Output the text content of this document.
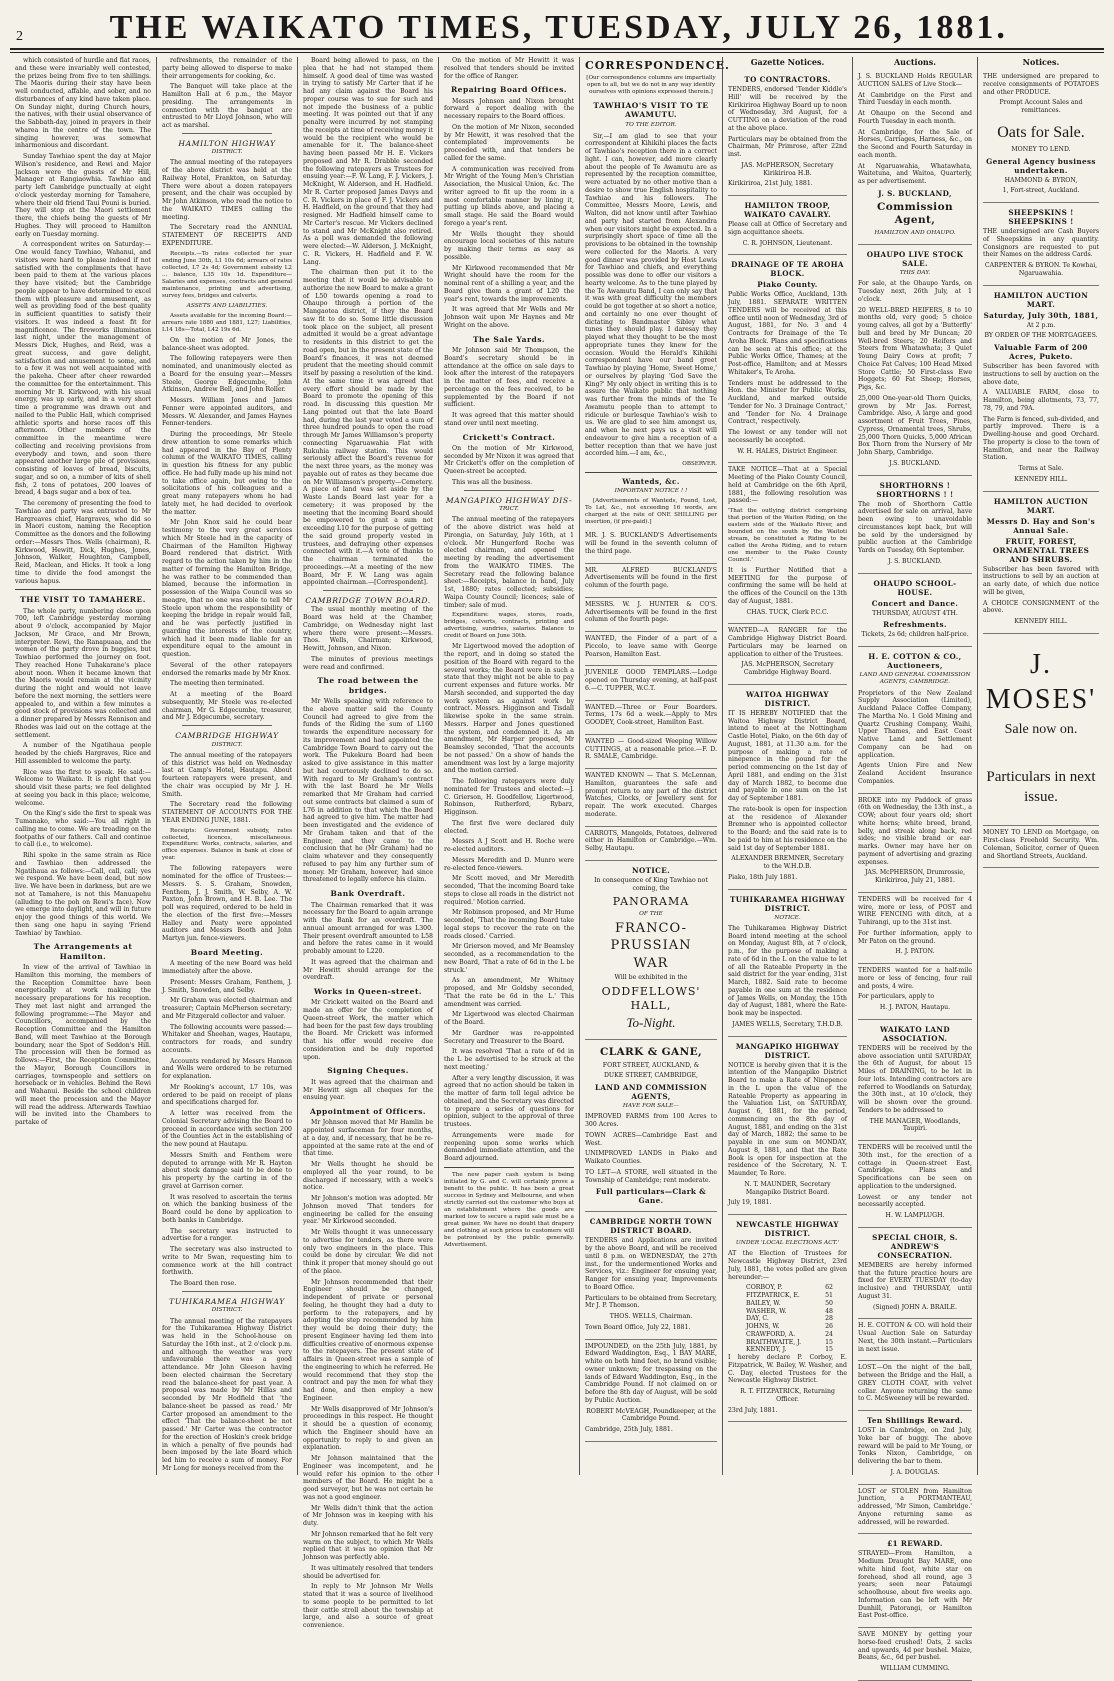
2	THE WAIKATO TIMES, TUESDAY, JULY 26, 1881.

which consisted of hurdle and flat races, and these were invariably well contested, the prizes being from five to ten shillings. The Maoris during their stay have been well conducted, affable, and sober, and no disturbances of any kind have taken place. On Sunday night, during Church hours, the natives, with their usual observance of the Sabbath-day, joined in prayers in their wharea in the centre of the town. The singing however, was somewhat inharmonious and discordant.

Sunday Tawhiao spent the day at Major Wilson's residence, and Rewi and Major Jackson were the guests of Mr Hill, Manager at Rangiaowhia. Tawhiao and party left Cambridge punctually at eight o'clock yesterday morning for Tamahere, where their old friend Taui Pouni is buried. They will stop at the Maori settlement there, the chiefs being the guests of Mr Hughes. They will proceed to Hamilton early on Tuesday morning.

A correspondent writes on Saturday:—One would fancy Tawhiao, Wahanui, and visitors were hard to please indeed if not satisfied with the compliments that have been paid to them at the various places they have visited; but the Cambridge people appear to have determined to excel them with pleasure and amusement, as well as providing food of the best quality in sufficient quantities to satisfy their visitors. It was indeed a feast fit for magnificence. The fireworks illumination last night, under the management of Messrs Dick, Hughes, and Reid, was a great success, and gave delight, satisfaction and amusement to some, and to a few it was not well acquainted with the pakeha. Cheer after cheer rewarded the committee for the entertainment. This morning Mr R. Kirkwood, with his usual energy, was up early, and in a very short time a programme was drawn out and nailed to the Public Hall, which comprised athletic sports and horse races off this afternoon. Other members of the committee in the meantime were collecting and receiving provisions from everybody and town, and soon there appeared another large pile of provisions, consisting of loaves of bread, biscuits, sugar, and so on, a number of kits of shell fish, 2 tons of potatoes, 200 loaves of bread, 4 bags sugar and a box of tea.

The ceremony of presenting the food to Tawhiao and party was entrusted to Mr Hargreaves chief, Hargraves, who did so in Maori custom, naming the Reception Committee as the donors and the following order:—Messrs Thos. Wells (chairman), R. Kirkwood, Hewitt, Dick, Hughes, Jones, Johnson, Walker, Houghton, Campbell, Reid, Maclean, and Hicks. It took a long time to divide the food amongst the various hapus.

THE VISIT TO TAMAHERE.

The whole party, numbering close upon 700, left Cambridge yesterday morning about 9 o'clock, accompanied by Major Jackson, Mr Grace, and Mr Brown, interpreter. Rewi, the Ranapuaaa, and the women of the party drove in buggies, but Tawhiao performed the journey on foot. They reached Hone Tuhakarane's place about noon. When it became known that the Maoris would remain at the vicinity during the night and would not leave before the next morning, the settlers were appealed to, and within a few minutes a good stock of provisions was collected and a dinner prepared by Messrs Rennison and Rhodes was laid out on the cottage at the settlement.

A number of the Ngatihaua people headed by the chiefs Hargraves, Rice and Hill assembled to welcome the party.

Rice was the first to speak. He said:— Welcome to Waikato. It is right that you should visit these parts; we feel delighted at seeing you back in this place; welcome, welcome.

On the King's side the first to speak was Tumanako, who said:—You all right in calling me to come. We are treading on the footpaths of our fathers. Call and continue to call (i.e., to welcome).

Rihi spoke in the same strain as Rice and Tawhiao then addressed the Ngatihaua as follows:—Call, call, call; yes we respond. We have been dead, but now live. We have been in darkness, but are we not at Tamahere, is not this Manuapehu (alluding to the poh on Rewi's face). Now we emerge into daylight, and will in future enjoy the good things of this world. We then sang one hapu in saying 'Friend Tawhiao' by Tawhiao.

The Arrangements at Hamilton.

In view of the arrival of Tawhiao in Hamilton this morning, the members of the Reception Committee have been energetically at work making the necessary preparations for his reception. They met last night and arranged the following programme:—The Mayor and Councillors, accompanied by the Reception Committee and the Hamilton Band, will meet Tawhiao at the Borough boundary, near the Spot of Seddon's Hill. The procession will then be formed as follows:—First, the Reception Committee, the Mayor, Borough Councillors in carriages, townspeople and settlers on horseback or in vehicles. Behind the Rewi and Wahanui. Beside the school children will meet the procession and the Mayor will read the address. Afterwards Tawhiao will be invited into the Chambers to partake of

refreshments, the remainder of the party being allowed to disperse to make their arrangements for cooking, &c.

The Banquet will take place at the Hamilton Hall at 6 p.m., the Mayor presiding. The arrangements in connection with the banquet are entrusted to Mr Lloyd Johnson, who will act as marshal.

HAMILTON HIGHWAY
DISTRICT.

The annual meeting of the ratepayers of the above district was held at the Railway Hotel, Frankton, on Saturday. There were about a dozen ratepayers present, and the chair was occupied by Mr John Atkinson, who read the notice to the WAIKATO TIMES calling the meeting.

The Secretary read the ANNUAL STATEMENT OF RECEIPTS AND EXPENDITURE.

Receipts.—To rates collected for year ending June 30th, L1 10s 6d; arrears of rates collected, L7 2s 4d; Government subsidy L2 ... balance, L35 10s 1d. Expenditure—Salaries and expenses, contracts and general maintenance, printing and advertising, survey fees, bridges and culverts.

ASSETS AND LIABILITIES.

Assets available for the incoming Board:—arrears rate 1880 and 1881, L27; Liabilities, L14 18s—Total, L42 19s 6d.

On the motion of Mr Jones, the balance-sheet was adopted.

The following ratepayers were then nominated, and unanimously elected as a Board for the ensuing year:—Messrs Steele, George Edgecumbe, John Atkinson, Andrew Bell, and John Roller.

Messrs. William Jones and James Fenner were appointed auditors, and Messrs. W. Alexander, and James Haynes Fenner-tenders.

During the proceedings, Mr Steele drew attention to some remarks which had appeared in the Bay of Plenty column of the WAIKATO TIMES, calling in question his fitness for any public office. He had fully made up his mind not to take office again, but owing to the solicitations of his colleagues and a great many ratepayers whom he had lately met, he had decided to overlook the matter.

Mr John Knox said he could bear testimony to the very great services which Mr Steele had in the capacity of Chairman of the Hamilton Highway Board rendered that district. With regard to the action taken by him in the matter of forming the Hamilton Bridge, he was rather to be commended than blamed, because the information in possession of the Waipa Council was so meagre, that no one was able to tell Mr Steele upon whom the responsibility of keeping the bridge in repair would fall, and he was perfectly justified in guarding the interests of the country, which had it been made liable for an expenditure equal to the amount in question.

Several of the other ratepayers endorsed the remarks made by Mr Knox.

The meeting then terminated.

At a meeting of the Board subsequently, Mr Steele was re-elected chairman, Mr G. Edgecumbe, treasurer, and Mr J. Edgecumbe, secretary.

CAMBRIDGE HIGHWAY
DISTRICT.

The annual meeting of the ratepayers of this district was held on Wednesday last at Camp's Hotel, Hautapu. About fourteen ratepayers were present, and the chair was occupied by Mr J. H. Smith.

The Secretary read the following STATEMENT OF ACCOUNTS FOR THE YEAR ENDING JUNE, 1881.

Receipts: Government subsidy, rates collected, licences, miscellaneous. Expenditure: Works, contracts, salaries, and office expenses. Balance in bank at close of year.

The following ratepayers were nominated for the office of Trustees:—Messrs. S. S. Graham, Snowden, Fenthem, J. J. Smith, W. Selby, A. W. Paxton, John Brown, and H. B. Lee. The poll was required, ordered to be held in the election of the first five:—Messrs Halley and Peaty were appointed auditors and Messrs Booth and John Martyn jun. fence-viewers.

Board Meeting.

A meeting of the new Board was held immediately after the above.

Present: Messrs Graham, Fenthem, J. J. Smith, Snowden, and Selby.

Mr Graham was elected chairman and treasurer; Captain McPherson secretary; and Mr Fitzgerald collector and valuer.

The following accounts were passed:—Whitaker and Sheehan, wages, Hautapu, contractors for roads, and sundry accounts.

Accounts rendered by Messrs Hannon and Wells were ordered to be returned for explanation.

Mr Rooking's account, L7 10s, was ordered to be paid on receipt of plans and specifications charged for.

A letter was received from the Colonial Secretary advising the Board to proceed in accordance with section 200 of the Counties Act in the establishing of the new pound at Hautapu.

Messrs Smith and Fenthem were deputed to arrange with Mr R. Hayton about stock damage said to be done to his property by the carting in of the gravel at Garrison corner.

It was resolved to ascertain the terms on which the banking business of the Board could be done by application to both banks in Cambridge.

The secretary was instructed to advertise for a ranger.

The secretary was also instructed to write to Mr Swan, requesting him to commence work at the hill contract forthwith.

The Board then rose.

TUHIKARAMEA HIGHWAY
DISTRICT.

The annual meeting of the ratepayers for the Tuhikaramea Highway District was held in the School-house on Saturday the 16th inst., at 2 o'clock p.m. and although the weather was very unfavourable there was a good attendance. Mr John Gleeson having been elected chairman the Secretary read the balance-sheet for past year. A proposal was made by Mr Hillas and seconded by Mr Hodfield that 'the balance-sheet be passed as read.' Mr Carter proposed an amendment to the effect 'That the balance-sheet be not passed.' Mr Carter was the contractor for the erection of Hoskin's creek bridge in which a penalty of five pounds had been imposed by the late Board which led him to receive a sum of money. For Mr Long for moneys received from the

Board being allowed to pass, on the plea that he had not stamped them himself. A good deal of time was wasted in trying to satisfy Mr Carter that if he had any claim against the Board his proper course was to sue for such and not impede the business of a public meeting. It was pointed out that if any penalty were incurred by not stamping the receipts at time of receiving money it would be the recipient who would be amenable for it. The balance-sheet having been passed Mr H. E. Vickers proposed and Mr R. Drabble seconded the following ratepayers as Trustees for ensuing year:—F. W. Lang, F. J. Vickers, J. McKnight, W. Alderson, and H. Hadfield. Mr R. Carter proposed James Davys and C. R. Vickers in place of F. J. Vickers and H. Hadfield, on the ground that they had resigned. Mr Hadfield himself came to Mr Carter's rescue. Mr Vickers declined to stand and Mr McKnight also retired. As a poll was demanded the following were elected:—W. Alderson, J. McKnight, C. R. Vickers, H. Hadfield and F. W. Lang.

The chairman then put it to the meeting that it would be advisable to authorize the new Board to make a grant of L50 towards opening a road to Ohaupo through a portion of the Mangaotea district, if they the Board saw fit to do so. Some little discussion took place on the subject, all present admitted it would be a great advantage to residents in this district to get the road open, but in the present state of the Board's finances, it was not deemed prudent that the meeting should commit itself by passing a resolution of the kind. At the same time it was agreed that every effort should be made by the Board to promote the opening of this road. In discussing this question Mr Lang pointed out that the late Board had, during the last year voted a sum of three hundred pounds to open the road through Mr James Williamson's property connecting Ngaruawahia Flat with Rukuhia railway station. This would seriously affect the Board's revenue for the next three years, as the money was payable out of rates as they became due on Mr Williamson's property—Cemetery. A piece of land was set aside by the Waste Lands Board last year for a cemetery; it was proposed by the meeting that the incoming Board should be empowered to grant a sum not exceeding L10 for the purpose of getting the said ground properly vested in trustees, and defraying other expenses connected with it.—A vote of thanks to the chairman terminated the proceedings.—At a meeting of the new Board, Mr F. W. Lang was again appointed chairman.—[Correspondent].

CAMBRIDGE TOWN BOARD.

The usual monthly meeting of the Board was held at the Chamber, Cambridge, on Wednesday night last where there were present:—Messrs. Thos. Wells, Chairman; Kirkwood, Hewitt, Johnson, and Nixon.

The minutes of previous meetings were read and confirmed.

The road between the bridges.

Mr Wells speaking with reference to the above matter said the County Council had agreed to give from the funds of the Riding the sum of L160 towards the expenditure necessary for its improvement and had appointed the Cambridge Town Board to carry out the work. The Pukekura Board had been asked to give assistance in this matter but had courteously declined to do so. With regard to Mr Graham's contract with the last Board he Mr Wells remarked that Mr Graham had carried out some contracts but claimed a sum of L76 in addition to that which the Board had agreed to give him. The matter had been investigated and the evidence of Mr Graham taken and that of the Engineer, and they came to the conclusion that he (Mr Graham) had no claim whatever and they consequently refused to pay him any further sum of money. Mr Graham, however, had since threatened to legally enforce his claim.

Bank Overdraft.

The Chairman remarked that it was necessary for the Board to again arrange with the Bank for an overdraft. The annual amount arranged for was L300. Their present overdraft amounted to L58 and before the rates came in it would probably amount to L220.

It was agreed that the chairman and Mr Hewitt should arrange for the overdraft.

Works in Queen-street.

Mr Crickett waited on the Board and made an offer for the completion of Queen-street Work, the matter which had been for the past few days troubling the Board. Mr Crickett was informed that his offer would receive due consideration and be duly reported upon.

Signing Cheques.

It was agreed that the chairman and Mr Hewitt sign all cheques for the ensuing year.

Appointment of Officers.

Mr Johnson moved that Mr Hamlin be appointed surfaceman for four months, at a day, and, if necessary, that he be re-appointed at the same rate at the end of that time.

Mr Wells thought he should be employed all the year round, to be discharged if necessary, with a week's notice.

Mr Johnson's motion was adopted. Mr Johnson moved 'That tenders for engineering be called for the ensuing year.' Mr Kirkwood seconded.

Mr Wells thought it was unnecessary to advertise for tenders, as there were only two engineers in the place. This could be done by circular. We did not think it proper that money should go out of the place.

Mr Johnson recommended that their Engineer should be changed, independent of private or personal feeling, he thought they had a duty to perform to the ratepayers, and by adopting the step recommended by him they would be doing their duty; the present Engineer having led them into difficulties creative of enormous expense to the ratepayers. The present state of affairs in Queen-street was a sample of the engineering to which he referred. He would recommend that they stop the contract and pay the men for what they had done, and then employ a new Engineer.

Mr Wells disapproved of Mr Johnson's proceedings in this respect. He thought it should be a question of economy, which the Engineer should have an opportunity to reply to and given an explanation.

Mr Johnson maintained that the Engineer was incompetent, and he would refer his opinion to the other members of the Board. He might be a good surveyor, but he was not certain he was not a good engineer.

Mr Wells didn't think that the action of Mr Johnson was in keeping with his duty.

Mr Johnson remarked that he felt very warm on the subject, to which Mr Wells replied that it was no opinion that Mr Johnson was perfectly able.

It was ultimately resolved that tenders should be advertised for.

In reply to Mr Johnson Mr Wells stated that it was a source of livelihood to some people to be permitted to let their cattle stroll about the township at large, and also a source of great convenience.

On the motion of Mr Hewitt it was resolved that tenders should be invited for the office of Ranger.

Repairing Board Offices.

Messrs Johnson and Nixon brought forward a report dealing with the necessary repairs to the Board offices.

On the motion of Mr Nixon, seconded by Mr Hewitt, it was resolved that the contemplated improvements be proceeded with, and that tenders be called for the same.

A communication was received from Mr Wright of the Young Men's Christian Association, the Musical Union, &c. The writer agreed to fit up the room in a most comfortable manner by lining it, putting up blinds above, and placing a small stage. He said the Board would forego a year's rent.

Mr Wells thought they should encourage local societies of this nature by making their terms as easy as possible.

Mr Kirkwood recommended that Mr Wright should have the room for the nominal rent of a shilling a year, and the Board give them a grant of L20 the year's rent, towards the improvements.

It was agreed that Mr Wells and Mr Johnson wait upon Mr Haynes and Mr Wright on the above.

The Sale Yards.

Mr Johnson said Mr Thompson, the Board's secretary should be in attendance at the office on sale days to look after the interest of the ratepayers in the matter of fees, and receive a percentage on the fees received, to be supplemented by the Board if not sufficient.

It was agreed that this matter should stand over until next meeting.

Crickett's Contract.

On the motion of Mr Kirkwood, seconded by Mr Nixon it was agreed that Mr Crickett's offer on the completion of Queen-street be accepted.

This was all the business.

MANGAPIKO HIGHWAY DIS-
TRICT.

The annual meeting of the ratepayers of the above district was held at Pirongia, on Saturday, July 16th, at 1 o'clock. Mr Hungerford Roche was elected chairman, and opened the meeting by reading the advertisement from the WAIKATO TIMES. The Secretary read the following balance sheet:—Receipts, balance in hand, July 1st, 1880; rates collected; subsidies; Waipa County Council; licences; sale of timber; sale of mud.

Expenditure: wages, stores, roads, bridges, culverts, contracts, printing and advertising, sundries, salaries. Balance to credit of Board on June 30th.

Mr Ligertwood moved the adoption of the report, and in doing so stated the position of the Board with regard to the several works; the Board were in such a state that they might not be able to pay current expenses and future works. Mr Marsh seconded, and supported the day work system as against work by contract. Messrs. Higginson and Tisdall likewise spoke in the same strain. Messrs. Harper and Jones questioned the system, and condemned it. As an amendment, Mr Harper proposed, Mr Beamsley seconded, 'That the accounts be not passed.' On a show of hands the amendment was lost by a large majority and the motion carried.

The following ratepayers were duly nominated for Trustees and elected:—J. C. Grierson, H. Goodfellow, Ligertwood, Robinson, Rutherford, Rybarz, Higginson.

The first five were declared duly elected.

Messrs A J Scott and H. Roche were re-elected auditors.

Messrs Meredith and D. Munro were re-elected fence-viewers.

Mr Scott moved, and Mr Meredith seconded, 'That the incoming Board take steps to close all roads in the district not required.' Motion carried.

Mr Robinson proposed, and Mr Hume seconded, 'That the incoming Board take legal steps to recover the rate on the roads closed.' Carried.

Mr Grierson moved, and Mr Beamsley seconded, as a recommendation to the new Board, 'That a rate of 6d in the L be struck.'

As an amendment, Mr Whitney proposed, and Mr Goldsby seconded, 'That the rate be 6d in the L.' This amendment was carried.

Mr Ligertwood was elected Chairman of the Board.

Mr Gardner was re-appointed Secretary and Treasurer to the Board.

It was resolved 'That a rate of 6d in the L be advertised to be struck at the next meeting.'

After a very lengthy discussion, it was agreed that no action should be taken in the matter of farm toll legal advice be obtained, and the Secretary was directed to prepare a series of questions for opinion, subject to the approval of three trustees.

Arrangements were made for reopening upon some works which demanded immediate attention, and the Board adjourned.

The new paper cash system is being initiated by G. and C. will certainly prove a benefit to the public. It has been a great success in Sydney and Melbourne, and when strictly carried out the customer who buys at an establishment where the goods are marked low to secure a rapid sale must be a great gainer. We have no doubt that drapery and clothing at such prices to customers will be patronised by the public generally. Advertisement.

CORRESPONDENCE.

[Our correspondence columns are impartially open to all, but we do not in any way identify ourselves with opinions expressed therein.]

TAWHIAO'S VISIT TO TE AWAMUTU.
TO THE EDITOR.

Sir,—I am glad to see that your correspondent at Kihikihi places the facts of Tawhiao's reception there in a correct light. I can, however, add more clearly about the people of Te Awamutu are as represented by the reception committee, were actuated by no other motive than a desire to show true English hospitality to Tawhiao and his followers. The Committee, Messrs Moore, Lewis, and Walton, did not know until after Tawhiao and party had started from Alexandra when our visitors might be expected. In a surprisingly short space of time all the provisions to be obtained in the township were collected for the Maoris. A very good dinner was provided by Host Lewis for Tawhiao and chiefs, and everything possible was done to offer our visitors a hearty welcome. As to the tune played by the Te Awamutu Band, I can only say that it was with great difficulty the members could be got together at so short a notice, and certainly no one ever thought of dictating to Bandmaster Sibley what tunes they should play. I daresay they played what they thought to be the most appropriate tunes they knew for the occasion. Would the Herald's Kihikihi correspondent have our band greet Tawhiao by playing 'Home, Sweet Home,' or ourselves by playing 'God Save the King?' My only object in writing this is to assure the Waikato public that nothing was further from the minds of the Te Awamutu people than to attempt to ridicule or burlesque Tawhiao's wish to us. We are glad to see him amongst us, and when he next pays us a visit will endeavour to give him a reception of a better reception than that we have just accorded him.—I am, &c.,

OBSERVER.

Wanteds, &c.
IMPORTANT NOTICE ! !

[Advertisements of Wanteds, Found, Lost, To Let, &c., not exceeding 16 words, are charged at the rate of ONE SHILLING per insertion, (if pre-paid).]

MR. J. S. BUCKLAND'S Advertisements will be found in the seventh column of the third page.

MR. ALFRED BUCKLAND'S Advertisements will be found in the first column of the fourth page.

MESSRS. W. J. HUNTER & CO'S. Advertisements will be found in the first column of the fourth page.

WANTED, the Finder of a part of a Piccolo, to leave same with George Pearson, Hamilton East.

JUVENILE GOOD TEMPLARS.—Lodge opened on Thursday evening, at half-past 6.—C. TUPPER, W.C.T.

WANTED.—Three or Four Boarders. Terms, 17s 6d a week.—Apply to Mrs GOODEY, Cook-street, Hamilton East.

WANTED — Good-sized Weeping Willow CUTTINGS, at a reasonable price.—F. D. R. SMALE, Cambridge.

WANTED KNOWN — That S. McLennan, Hamilton, guarantees the safe and prompt return to any part of the district Watches, Clocks, or Jewellery sent for repair. The work executed. Charges moderate.

CARROTS, Mangolds, Potatoes, delivered either in Hamilton or Cambridge.—Wm. Selby, Hautapu.

NOTICE.

In consequence of King Tawhiao not coming, the

PANORAMA
OF THE
FRANCO-PRUSSIAN
WAR

Will be exhibited in the

ODDFELLOWS' HALL,
To-Night.
CLARK & GANE,

FORT STREET, AUCKLAND, &

DUKE STREET, CAMBRIDGE,

LAND AND COMMISSION AGENTS,
HAVE FOR SALE—

IMPROVED FARMS from 100 Acres to 300 Acres.

TOWN ACRES—Cambridge East and West.

UNIMPROVED LANDS in Piako and Waikato Counties.

TO LET—A STORE, well situated in the Township of Cambridge; rent moderate.

Full particulars—Clark & Gane.
CAMBRIDGE NORTH TOWN DISTRICT BOARD.

TENDERS and Applications are invited by the above Board, and will be received until 8 p.m. on WEDNESDAY, the 27th inst., for the undermentioned Works and Services, viz.: Engineer for ensuing year, Ranger for ensuing year, Improvements to Board Office.

Particulars to be obtained from Secretary, Mr J. P. Thomson.

THOS. WELLS, Chairman.

Town Board Office, July 22, 1881.

IMPOUNDED, on the 25th July, 1881, by Edward Waddington, Esq., 1 BAY MARE, white on both hind feet, no brand visible; owner unknown; for trespassing on the lands of Edward Waddington, Esq., in the Cambridge Pound. If not claimed on or before the 8th day of August, will be sold by Public Auction.

ROBERT McVEAGH, Poundkeeper, at the Cambridge Pound.

Cambridge, 25th July, 1881.

Gazette Notices.
TO CONTRACTORS.

TENDERS, endorsed 'Tender Kiddle's Hill' will be received by the Kirikiriroa Highway Board up to noon of Wednesday, 3rd August, for a CUTTING on a deviation of the road at the above place.

Particulars may be obtained from the Chairman, Mr Primrose, after 22nd inst.

JAS. McPHERSON, Secretary Kirikiriroa H.B.

Kirikiriroa, 21st July, 1881.

HAMILTON TROOP, WAIKATO CAVALRY.

Please call at Office of Secretary and sign acquittance sheets.

C. R. JOHNSON, Lieutenant.

DRAINAGE OF TE AROHA BLOCK.
Piako County.

Public Works Office, Auckland, 13th July, 1881. SEPARATE WRITTEN TENDERS will be received at this office until noon of Wednesday, 3rd of August, 1881, for No. 3 and 4 Contracts for Drainage of the Te Aroha Block. Plans and specifications can be seen at this office; at the Public Works Office, Thames; at the Post-office, Hamilton; and at Messrs Whitaker's, Te Aroha.

Tenders must be addressed to the Hon. the Minister for Public Works, Auckland, and marked outside 'Tender for No. 3 Drainage Contract,' and 'Tender for No. 4 Drainage Contract,' respectively.

The lowest or any tender will not necessarily be accepted.

W. H. HALES, District Engineer.

TAKE NOTICE—That at a Special Meeting of the Piako County Council, held at Cambridge on the 6th April, 1881, the following resolution was passed:—

'That the outlying district comprising that portion of the Waiton Riding, on the eastern side of the Waikato River, and bounded on the south by the Waitoti stream, be constituted a Riding to be called the Aroha Riding, and to return one member to the Piako County Council.'

It is Further Notified that a MEETING for the purpose of confirming the same will be held at the offices of the Council on the 13th day of August, 1881.

CHAS. TUCK, Clerk P.C.C.

WANTED—A RANGER for the Cambridge Highway District Board. Particulars may be learned on application to either of the Trustees.

JAS. McPHERSON, Secretary Cambridge Highway Board.

WAITOA HIGHWAY DISTRICT.

IT IS HEREBY NOTIFIED that the Waitoa Highway District Board, intend to meet at the Nottingham Castle Hotel, Piako, on the 6th day of August, 1881, at 11.30 a.m. for the purpose of making a rate of ninepence in the pound for the period commencing on the 1st day of April 1881, and ending on the 31st day of March 1882, to become due and payable in one sum on the 1st day of September 1881.

The rate-book is open for inspection at the residence of Alexander Bremner who is appointed collector to the Board; and the said rate is to be paid to him at his residence on the said 1st day of September 1881.

ALEXANDER BREMNER, Secretary to the W.H.D.B.

Piako, 18th July 1881.

TUHIKARAMEA HIGHWAY DISTRICT.
NOTICE.

The Tuhikaramea Highway District Board intend meeting at the school on Monday, August 8th, at 7 o'clock, p.m., for the purpose of making a rate of 6d in the L on the value to let of all the Rateable Property in the said district for the year ending, 31st March, 1882. Said rate to become payable in one sum at the residence of James Wells, on Monday, the 15th day of August, 1881, where the Rate-book may be inspected.

JAMES WELLS, Secretary, T.H.D.B.

MANGAPIKO HIGHWAY DISTRICT.

NOTICE is hereby given that it is the intention of the Mangapiko District Board to make a Rate of Ninepence in the L upon the value of the Rateable Property as appearing in the Valuation List, on SATURDAY, August 6, 1881, for the period, commencing on the 8th day of August, 1881, and ending on the 31st day of March, 1882; the same to be payable in one sum on MONDAY, August 8, 1881, and that the Rate Book is open for inspection at the residence of the Secretary, N. T. Maunder, Te Rore.

N. T. MAUNDER, Secretary Mangapiko District Board.

July 19, 1881.

NEWCASTLE HIGHWAY DISTRICT.
UNDER 'LOCAL ELECTIONS ACT.'

AT the Election of Trustees for Newcastle Highway District, 23rd July, 1881, the votes polled are given hereunder:—

CORBOY, P.	62
FITZPATRICK, E.	51
BAILEY, W.	50
WASHER, W.	48
DAY, C.	28
JOHNS, W.	26
CRAWFORD, A.	24
BRAITHWAITE, J.	15
KENNEDY, J.	15

I hereby declare P. Corboy, E. Fitzpatrick, W. Bailey, W. Washer, and C. Day, elected Trustees for the Newcastle Highway District.

R. T. FITZPATRICK, Returning Officer.

23rd July, 1881.

Auctions.

J. S. BUCKLAND Holds REGULAR AUCTION SALES of Live Stock—

At Cambridge on the First and Third Tuesday in each month.

At Ohaupo on the Second and Fourth Tuesday in each month.

At Cambridge, for the Sale of Horses, Carriages, Harness, &c., on the Second and Fourth Saturday in each month.

At Ngaruawahia, Whatawhata, Waitetuna, and Waitoa, Quarterly, as per advertisement.

J. S. BUCKLAND,
Commission Agent,
HAMILTON AND OHAUPO.
OHAUPO LIVE STOCK SALE.
THIS DAY.

For sale, at the Ohaupo Yards, on Tuesday next, 26th July, at 1 o'clock.

20 WELL-BRED HEIFERS, 8 to 10 months old, very good; 5 choice young calves, all got by a 'Butterfly' bull and bred by Mr Duncan; 20 Well-bred Steers; 20 Heifers and Steers from Whatawhata; 3 Quiet Young Dairy Cows at profit; 7 Choice Fat Calves; 100 Head Mixed Store Cattle; 50 First-class Ewe Hoggets; 60 Fat Sheep; Horses, Pigs, &c.

25,000 One-year-old Thorn Quicks, grown by Mr Jas. Forrest, Cambridge. Also, A large and good assortment of Fruit Trees, Pines, Cypress, Ornamental trees, Shrubs, 25,000 Thorn Quicks, 5,000 African Box Thorn from the Nursery of Mr John Sharp, Cambridge.

J.S. BUCKLAND.

SHORTHORNS ! SHORTHORNS ! !

The mob of Shorthorn Cattle advertised for sale on arrival, have been owing to unavoidable circumstances kept back, but will be sold by the undersigned by public auction at the Cambridge Yards on Tuesday, 6th September.

J. S. BUCKLAND.

OHAUPO SCHOOL-HOUSE.
Concert and Dance.

THURSDAY, AUGUST 4TH.

Refreshments.

Tickets, 2s 6d; children half-price.

H. E. COTTON & CO., Auctioneers,
LAND AND GENERAL COMMISSION AGENTS, CAMBRIDGE.

Proprietors of the New Zealand Supply Association (Limited), Auckland Palace Coffee Company, The Martha No. 1 Gold Mining and Quartz Crushing Company, Waihi, Upper Thames, and East Coast Native Land and Settlement Company can be had on application.

Agents Union Fire and New Zealand Accident Insurance Companies.

BROKE into my Paddock of grass (6th on Wednesday, the 13th inst., a COW; about four years old; short white horns; white breed, brand, belly, and streak along back, red sides; no visible brand or ear-marks. Owner may have her on payment of advertising and grazing expenses.

JAS. McPHERSON, Drumrossie, Kirikiriroa, July 21, 1881.

TENDERS will be received for 4 wire, more or less, of POST and WIRE FENCING with ditch, at a Tuhirangi, up to the 31st inst.

For further information, apply to Mr Paton on the ground.

H. J. PATON.

TENDERS wanted for a half-mile more or less of fencing, four rail and posts, 4 wire.

For particulars, apply to

H. J. PATON, Hautapu.

WAIKATO LAND ASSOCIATION.

TENDERS will be received by the above association until SATURDAY, the 6th of August, for about 15 Miles of DRAINING, to be let in four lots. Intending contractors are referred to Woodlands on Saturday, the 30th inst., at 10 o'clock, they will be shown over the ground. Tenders to be addressed to

THE MANAGER, Woodlands, Taupiri.

TENDERS will be received until the 30th inst., for the erection of a cottage in Queen-street East, Cambridge. Plans and Specifications can be seen on application to the undersigned.

Lowest or any tender not necessarily accepted.

H. W. LAMPLUGH.

SPECIAL CHOIR, S. ANDREW'S CONSECRATION.

MEMBERS are hereby informed that the future practice hours are fixed for EVERY TUESDAY (to-day inclusive) and THURSDAY, until August 31.

(Signed) JOHN A. BRAILE.

H. E. COTTON & CO. will hold their Usual Auction Sale on Saturday Next, the 30th instant.—Particulars in next issue.

LOST.—On the night of the ball, between the Bridge and the Hall, a GREY CLOTH COAT, with velvet collar. Anyone returning the same to C. McSweeney will be rewarded.

Ten Shillings Reward.

LOST in Cambridge, on 2nd July, Yoke bar of buggy. The above reward will be paid to Mr Young, or Tonks Nixon, Cambridge, on delivering the bar to them.

J. A. DOUGLAS.

LOST or STOLEN from Hamilton Junction, a PORTMANTEAU, addressed, 'Mr Simon, Cambridge.' Anyone returning same as addressed, will be rewarded.

£1 REWARD.

STRAYED—From Hamilton, a Medium Draught Bay MARE, one white hind foot, white star on forehead, shod all round, age 3 years; seen near Pataumgi schoolhouse, about five weeks ago. Information can be left with Mr Dunhill, Patorangi, or Hamilton East Post-office.

SAVE MONEY by getting your horse-feed crushed! Oats, 2 sacks and upwards, 4d per bushel. Maize, Beans, &c., 6d per bushel.

WILLIAM CUMMING.

Notices.

THE undersigned are prepared to receive consignments of POTATOES and other PRODUCE.

Prompt Account Sales and remittances.

Oats for Sale.

MONEY TO LEND.

General Agency business undertaken.

HAMMOND & BYRON,

1, Fort-street, Auckland.

SHEEPSKINS ! SHEEPSKINS !

THE undersigned are Cash Buyers of Sheepskins in any quantity. Consignors are requested to put their Names on the address Cards.

CARPENTER & BYRON. Te Kowhai, Ngaruawahia.

HAMILTON AUCTION MART.
Saturday, July 30th, 1881,

At 2 p.m.

BY ORDER OF THE MORTGAGEES.

Valuable Farm of 200 Acres, Puketo.

Subscriber has been favored with instructions to sell by auction on the above date,

A VALUABLE FARM, close to Hamilton, being allotments, 73, 77, 78, 79, and 79A.

The Farm is fenced, sub-divided, and partly improved. There is a Dwelling-house and good Orchard. The property is close to the town of Hamilton, and near the Railway Station.

Terms at Sale.

KENNEDY HILL.

HAMILTON AUCTION MART.
Messrs D. Hay and Son's Annual Sale.
FRUIT, FOREST, ORNAMENTAL TREES AND SHRUBS.

Subscriber has been favored with instructions to sell by an auction at an early date, of which due notice will be given,

A CHOICE CONSIGNMENT of the above.

KENNEDY HILL.

J. MOSES'
Sale now on.
Particulars in next issue.

MONEY TO LEND on Mortgage, on First-class Freehold Security. Wm. Coleman, Solicitor, corner of Queen and Shortland Streets, Auckland.
